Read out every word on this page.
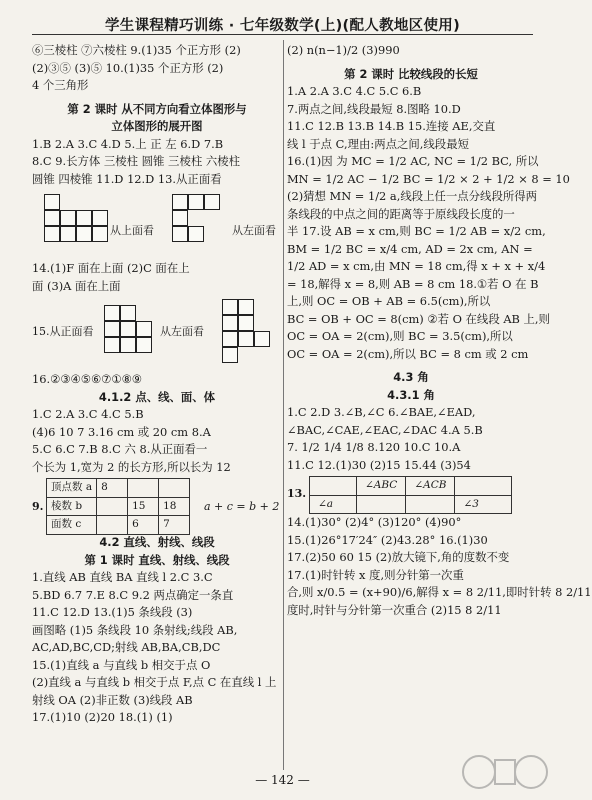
学生课程精巧训练 · 七年级数学(上)(配人教地区使用)
⑥三棱柱 ⑦六棱柱 9.(1)35 个正方形 (2)
(2)③⑤ (3)⑤ 10.(1)35 个正方形 (2)
4 个三角形
第 2 课时 从不同方向看立体图形与
立体图形的展开图
1.B 2.A 3.C 4.D 5.上 正 左 6.D 7.B
8.C 9.长方体 三棱柱 圆锥 三棱柱 六棱柱
圆锥 四棱锥 11.D 12.D 13.从正面看
从上面看	从左面看
14.(1)F 面在上面 (2)C 面在上
面 (3)A 面在上面
15.从正面看	从左面看
16.②③④⑤⑥⑦①⑧⑨
4.1.2 点、线、面、体
1.C 2.A 3.C 4.C 5.B
(4)6 10 7 3.16 cm 或 20 cm 8.A
5.C 6.C 7.B 8.C 六 8.从正面看一
个长为 1,宽为 2 的长方形,所以长为 12
9.
顶点数 a	8		
棱数 b		15	18
面数 c		6	7
a + c = b + 2
4.2 直线、射线、线段
第 1 课时 直线、射线、线段
1.直线 AB 直线 BA 直线 l 2.C 3.C
5.BD 6.7 7.E 8.C 9.2 两点确定一条直
11.C 12.D 13.(1)5 条线段 (3)
画图略 (1)5 条线段 10 条射线;线段 AB,
AC,AD,BC,CD;射线 AB,BA,CB,DC
15.(1)直线 a 与直线 b 相交于点 O
(2)直线 a 与直线 b 相交于点 F,点 C 在直线 l 上
射线 OA (2)非正数 (3)线段 AB
17.(1)10 (2)20 18.(1) (1)
(2) n(n−1)/2 (3)990
第 2 课时 比较线段的长短
1.A 2.A 3.C 4.C 5.C 6.B
7.两点之间,线段最短 8.图略 10.D
11.C 12.B 13.B 14.B 15.连接 AE,交直
线 l 于点 C,理由:两点之间,线段最短
16.(1)因 为 MC = 1/2 AC, NC = 1/2 BC, 所以
MN = 1/2 AC − 1/2 BC = 1/2 × 2 + 1/2 × 8 = 10
(2)猜想 MN = 1/2 a,线段上任一点分线段所得两
条线段的中点之间的距离等于原线段长度的一
半 17.设 AB = x cm,则 BC = 1/2 AB = x/2 cm,
BM = 1/2 BC = x/4 cm, AD = 2x cm, AN =
1/2 AD = x cm,由 MN = 18 cm,得 x + x + x/4
= 18,解得 x = 8,则 AB = 8 cm 18.①若 O 在 B
上,则 OC = OB + AB = 6.5(cm),所以
BC = OB + OC = 8(cm) ②若 O 在线段 AB 上,则
OC = OA = 2(cm),则 BC = 3.5(cm),所以
OC = OA = 2(cm),所以 BC = 8 cm 或 2 cm
4.3 角
4.3.1 角
1.C 2.D 3.∠B,∠C 6.∠BAE,∠EAD,
∠BAC,∠CAE,∠EAC,∠DAC 4.A 5.B
7. 1/2 1/4 1/8 8.120 10.C 10.A
11.C 12.(1)30 (2)15 15.44 (3)54
13.
	∠ABC	∠ACB	
∠a			∠3
14.(1)30° (2)4° (3)120° (4)90°
15.(1)26°17′24″ (2)43.28° 16.(1)30
17.(2)50 60 15 (2)放大镜下,角的度数不变
17.(1)时针转 x 度,则分针第一次重
合,则 x/0.5 = (x+90)/6,解得 x = 8 2/11,即时针转 8 2/11
度时,时针与分针第一次重合 (2)15 8 2/11
— 142 —
